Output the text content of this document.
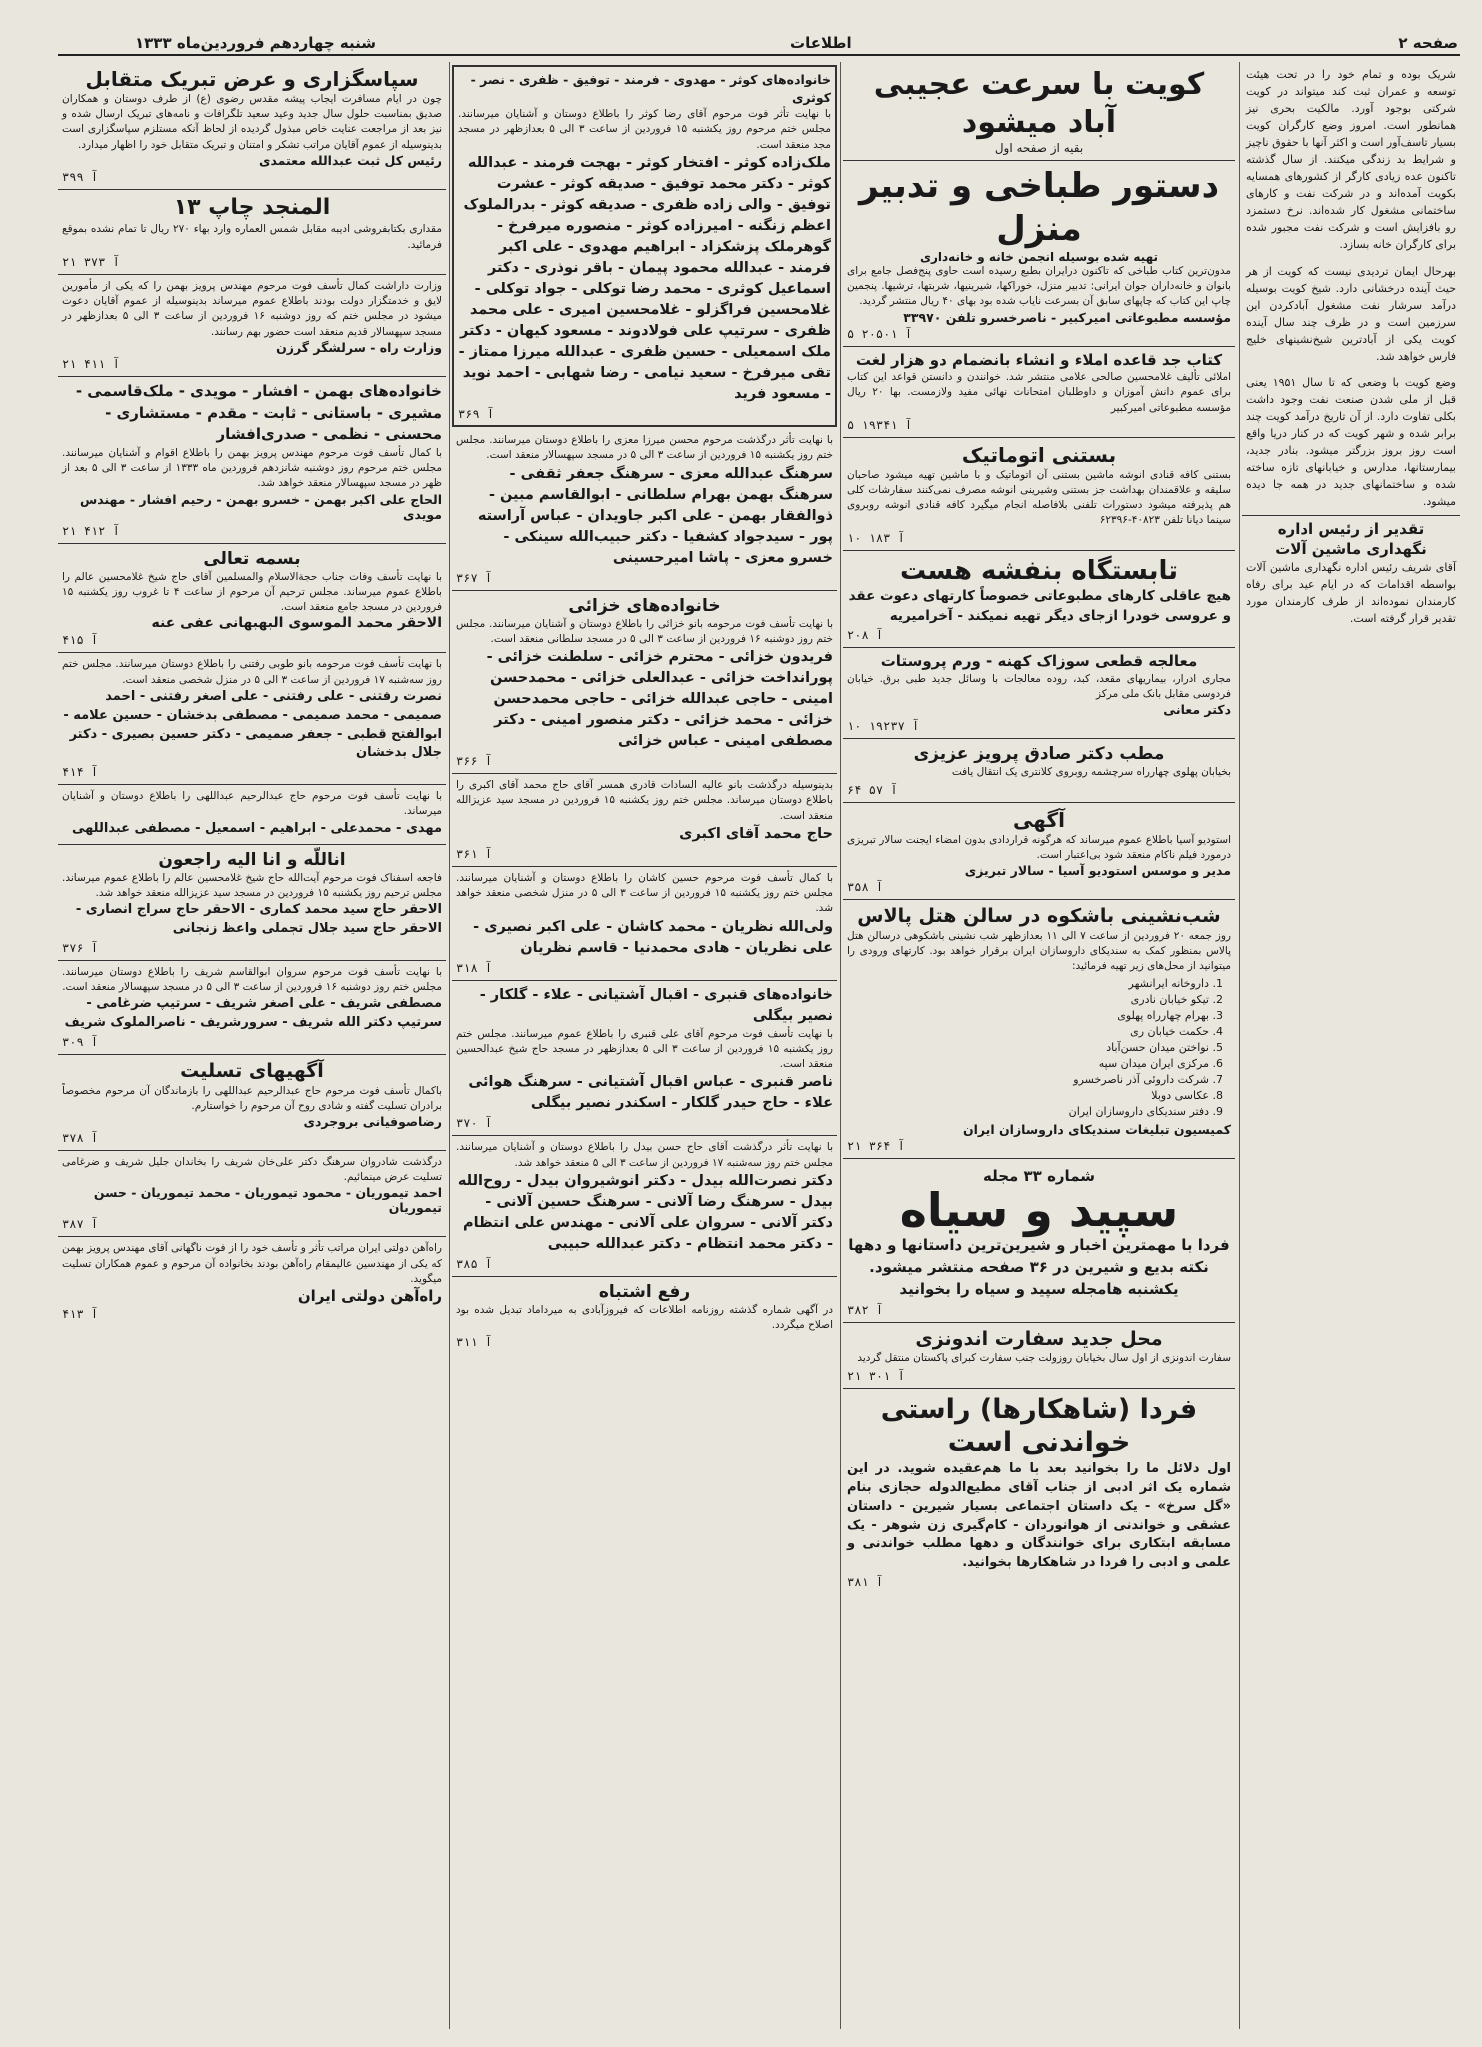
شنبه چهاردهم فروردین‌ماه ۱۳۳۳	اطلاعات	صفحه ۲
سپاسگزاری و عرض تبریک متقابل
چون در ایام مسافرت ایجاب پیشه مقدس رضوی (ع) از طرف دوستان و همکاران صدیق بمناسبت حلول سال جدید وعید سعید تلگرافات و نامه‌های تبریک ارسال شده و نیز بعد از مراجعت عنایت خاص مبذول گردیده از لحاظ آنکه مستلزم سپاسگزاری است بدینوسیله از عموم آقایان مراتب تشکر و امتنان و تبریک متقابل خود را اظهار میدارد.
رئیس کل ثبت عبدالله معتمدی
آ ۳۹۹
المنجد چاپ ۱۳
مقداری بکتابفروشی ادیبه مقابل شمس العماره وارد بهاء ۲۷۰ ریال تا تمام نشده بموقع فرمائید.
آ ۳۷۳ ۲۱
وزارت داراشت کمال تأسف فوت مرحوم مهندس پرویز بهمن را که یکی از مأمورین لایق و خدمتگزار دولت بودند باطلاع عموم میرساند بدینوسیله از عموم آقایان دعوت میشود در مجلس ختم که روز دوشنبه ۱۶ فروردین از ساعت ۳ الی ۵ بعدازظهر در مسجد سپهسالار قدیم منعقد است حضور بهم رسانند.
وزارت راه - سرلشگر گرزن
آ ۴۱۱ ۲۱
خانواده‌های بهمن - افشار - مویدی - ملک‌قاسمی - مشیری - باستانی - ثابت - مقدم - مستشاری - محسنی - نظمی - صدری‌افشار
با کمال تأسف فوت مرحوم مهندس پرویز بهمن را باطلاع اقوام و آشنایان میرسانند. مجلس ختم مرحوم روز دوشنبه شانزدهم فروردین ماه ۱۳۳۳ از ساعت ۳ الی ۵ بعد از ظهر در مسجد سپهسالار منعقد خواهد شد.
الحاج علی اکبر بهمن - خسرو بهمن - رحیم افشار - مهندس مویدی
آ ۴۱۲ ۲۱
بسمه تعالی
با نهایت تأسف وفات جناب حجة‌الاسلام والمسلمین آقای حاج شیخ غلامحسین عالم را باطلاع عموم میرساند. مجلس ترحیم آن مرحوم از ساعت ۴ تا غروب روز یکشنبه ۱۵ فروردین در مسجد جامع منعقد است.
الاحقر محمد الموسوی البهبهانی عفی عنه
آ ۴۱۵
با نهایت تأسف فوت مرحومه بانو طوبی رفتنی را باطلاع دوستان میرسانند. مجلس ختم روز سه‌شنبه ۱۷ فروردین از ساعت ۳ الی ۵ در منزل شخصی منعقد است.
نصرت رفتنی - علی رفتنی - علی اصغر رفتنی - احمد صمیمی - محمد صمیمی - مصطفی بدخشان - حسین علامه - ابوالفتح قطبی - جعفر صمیمی - دکتر حسین بصیری - دکتر جلال بدخشان
آ ۴۱۴
با نهایت تأسف فوت مرحوم حاج عبدالرحیم عبداللهی را باطلاع دوستان و آشنایان میرساند.
مهدی - محمدعلی - ابراهیم - اسمعیل - مصطفی عبداللهی
اناللّه و انا الیه راجعون
فاجعه اسفناک فوت مرحوم آیت‌الله حاج شیخ غلامحسین عالم را باطلاع عموم میرساند. مجلس ترحیم روز یکشنبه ۱۵ فروردین در مسجد سید عزیزالله منعقد خواهد شد.
الاحقر حاج سید محمد کماری - الاحقر حاج سراج انصاری - الاحقر حاج سید جلال تجملی واعظ زنجانی
آ ۳۷۶
با نهایت تأسف فوت مرحوم سروان ابوالقاسم شریف را باطلاع دوستان میرسانند. مجلس ختم روز دوشنبه ۱۶ فروردین از ساعت ۳ الی ۵ در مسجد سپهسالار منعقد است.
مصطفی شریف - علی اصغر شریف - سرتیپ ضرغامی - سرتیپ دکتر الله شریف - سرورشریف - ناصرالملوک شریف
آ ۳۰۹
آگهیهای تسلیت
باکمال تأسف فوت مرحوم حاج عبدالرحیم عبداللهی را بازماندگان آن مرحوم مخصوصاً برادران تسلیت گفته و شادی روح آن مرحوم را خواستارم.
رضاصوفیانی بروجردی
آ ۳۷۸
درگذشت شادروان سرهنگ دکتر علی‌خان شریف را بخاندان جلیل شریف و ضرغامی تسلیت عرض مینمائیم.
احمد تیموریان - محمود تیموریان - محمد تیموریان - حسن تیموریان
آ ۳۸۷
راه‌آهن دولتی ایران مراتب تأثر و تأسف خود را از فوت ناگهانی آقای مهندس پرویز بهمن که یکی از مهندسین عالیمقام راه‌آهن بودند بخانواده آن مرحوم و عموم همکاران تسلیت میگوید.
راه‌آهن دولتی ایران
آ ۴۱۳
خانواده‌های کوثر - مهدوی - فرمند - توفیق - ظفری - نصر - کوثری
با نهایت تأثر فوت مرحوم آقای رضا کوثر را باطلاع دوستان و آشنایان میرسانند. مجلس ختم مرحوم روز یکشنبه ۱۵ فروردین از ساعت ۳ الی ۵ بعدازظهر در مسجد مجد منعقد است.
ملک‌زاده کوثر - افتخار کوثر - بهجت فرمند - عبدالله کوثر - دکتر محمد توفیق - صدیقه کوثر - عشرت توفیق - والی زاده ظفری - صدیقه کوثر - بدرالملوک اعظم زنگنه - امیرزاده کوثر - منصوره میرفرخ - گوهرملک پزشکزاد - ابراهیم مهدوی - علی اکبر فرمند - عبدالله محمود پیمان - باقر نوذری - دکتر اسماعیل کوثری - محمد رضا توکلی - جواد توکلی - غلامحسین فراگزلو - غلامحسین امیری - علی محمد ظفری - سرتیپ علی فولادوند - مسعود کیهان - دکتر ملک اسمعیلی - حسین ظفری - عبدالله میرزا ممتاز - تقی میرفرخ - سعید نیامی - رضا شهابی - احمد نوید - مسعود فرید
آ ۳۶۹
با نهایت تأثر درگذشت مرحوم محسن میرزا معزی را باطلاع دوستان میرسانند. مجلس ختم روز یکشنبه ۱۵ فروردین از ساعت ۳ الی ۵ در مسجد سپهسالار منعقد است.
سرهنگ عبدالله معزی - سرهنگ جعفر ثقفی - سرهنگ بهمن بهرام سلطانی - ابوالقاسم مبین - ذوالفقار بهمن - علی اکبر جاویدان - عباس آراسته پور - سیدجواد کشفیا - دکتر حبیب‌الله سینکی - خسرو معزی - پاشا امیرحسینی
آ ۳۶۷
خانواده‌های خزائی
با نهایت تأسف فوت مرحومه بانو خزائی را باطلاع دوستان و آشنایان میرسانند. مجلس ختم روز دوشنبه ۱۶ فروردین از ساعت ۳ الی ۵ در مسجد سلطانی منعقد است.
فریدون خزائی - محترم خزائی - سلطنت خزائی - پورانداخت خزائی - عبدالعلی خزائی - محمدحسن امینی - حاجی عبدالله خزائی - حاجی محمدحسن خزائی - محمد خزائی - دکتر منصور امینی - دکتر مصطفی امینی - عباس خزائی
آ ۳۶۶
بدینوسیله درگذشت بانو عالیه السادات قادری همسر آقای حاج محمد آقای اکبری را باطلاع دوستان میرساند. مجلس ختم روز یکشنبه ۱۵ فروردین در مسجد سید عزیزالله منعقد است.
حاج محمد آقای اکبری
آ ۳۶۱
با کمال تأسف فوت مرحوم حسین کاشان را باطلاع دوستان و آشنایان میرسانند. مجلس ختم روز یکشنبه ۱۵ فروردین از ساعت ۳ الی ۵ در منزل شخصی منعقد خواهد شد.
ولی‌الله نظریان - محمد کاشان - علی اکبر نصیری - علی نظریان - هادی محمدنیا - قاسم نظریان
آ ۳۱۸
خانواده‌های قنبری - اقبال آشتیانی - علاء - گلکار - نصیر بیگلی
با نهایت تأسف فوت مرحوم آقای علی قنبری را باطلاع عموم میرسانند. مجلس ختم روز یکشنبه ۱۵ فروردین از ساعت ۳ الی ۵ بعدازظهر در مسجد حاج شیخ عبدالحسین منعقد است.
ناصر قنبری - عباس اقبال آشتیانی - سرهنگ هوائی علاء - حاج حیدر گلکار - اسکندر نصیر بیگلی
آ ۳۷۰
با نهایت تأثر درگذشت آقای حاج حسن بیدل را باطلاع دوستان و آشنایان میرسانند. مجلس ختم روز سه‌شنبه ۱۷ فروردین از ساعت ۳ الی ۵ منعقد خواهد شد.
دکتر نصرت‌الله بیدل - دکتر انوشیروان بیدل - روح‌الله بیدل - سرهنگ رضا آلانی - سرهنگ حسین آلانی - دکتر آلانی - سروان علی آلانی - مهندس علی انتظام - دکتر محمد انتظام - دکتر عبدالله حبیبی
آ ۳۸۵
رفع اشتباه
در آگهی شماره گذشته روزنامه اطلاعات که فیروزآبادی به میرداماد تبدیل شده بود اصلاح میگردد.
آ ۳۱۱
کویت با سرعت عجیبی آباد میشود
بقیه از صفحه اول
دستور طباخی و تدبیر منزل
تهیه شده بوسیله انجمن خانه و خانه‌داری
مدون‌ترین کتاب طباخی که تاکنون درایران بطبع رسیده است حاوی پنج‌فصل جامع برای بانوان و خانه‌داران جوان ایرانی: تدبیر منزل، خوراکها، شیرینیها، شربتها، ترشیها. پنجمین چاپ این کتاب که چاپهای سابق آن بسرعت نایاب شده بود بهای ۴۰ ریال منتشر گردید.
مؤسسه مطبوعاتی امیرکبیر - ناصرخسرو تلفن ۳۳۹۷۰
آ ۲۰۵۰۱ ۵
کتاب جد قاعده املاء و انشاء بانضمام دو هزار لغت
املائی تألیف غلامحسین صالحی علامی منتشر شد. خوانندن و دانستن قواعد این کتاب برای عموم دانش آموزان و داوطلبان امتحانات نهائی مفید ولازمست. بها ۲۰ ریال مؤسسه مطبوعاتی امیرکبیر
آ ۱۹۳۴۱ ۵
بستنی اتوماتیک
بستنی کافه قنادی انوشه ماشین بستنی آن اتوماتیک و با ماشین تهیه میشود صاحبان سلیقه و علاقمندان بهداشت جز بستنی وشیرینی انوشه مصرف نمی‌کنند سفارشات کلی هم پذیرفته میشود دستورات تلفنی بلافاصله انجام میگیرد کافه قنادی انوشه روبروی سینما دیانا تلفن ۴۰۸۲۳-۶۲۳۹۶
آ ۱۸۳ ۱۰
تابستگاه بنفشه هست
هیچ عاقلی کارهای مطبوعاتی خصوصاً کارتهای دعوت عقد و عروسی خودرا ازجای دیگر تهیه نمیکند - آخرامیریه
آ ۲۰۸
معالجه قطعی سوزاک کهنه - ورم پروستات
مجاری ادرار، بیماریهای مقعد، کبد، روده معالجات با وسائل جدید طبی برق. خیابان فردوسی مقابل بانک ملی مرکز
دکتر معانی
آ ۱۹۲۳۷ ۱۰
مطب دکتر صادق پرویز عزیزی
بخیابان پهلوی چهارراه سرچشمه روبروی کلانتری یک انتقال یافت
آ ۵۷ ۶۴
آگهی
استودیو آسیا باطلاع عموم میرساند که هرگونه قراردادی بدون امضاء ایجنت سالار تبریزی درمورد فیلم ناکام منعقد شود بی‌اعتبار است.
مدیر و موسس استودیو آسیا - سالار تبریزی
آ ۳۵۸
شب‌نشینی باشکوه در سالن هتل پالاس
روز جمعه ۲۰ فروردین از ساعت ۷ الی ۱۱ بعدازظهر شب نشینی باشکوهی درسالن هتل پالاس بمنظور کمک به سندیکای داروسازان ایران برقرار خواهد بود. کارتهای ورودی را میتوانید از محل‌های زیر تهیه فرمائید:
1. داروخانه ایرانشهر
2. تیکو خیابان نادری
3. بهرام چهارراه پهلوی
4. حکمت خیابان ری
5. نواختن میدان حسن‌آباد
6. مرکزی ایران میدان سپه
7. شرکت داروئی آذر ناصرخسرو
8. عکاسی دوبلا
9. دفتر سندیکای داروسازان ایران
کمیسیون تبلیغات سندیکای داروسازان ایران
آ ۳۶۴ ۲۱
شماره ۳۳ مجله
سپید و سیاه
فردا با مهمترین اخبار و شیرین‌ترین داستانها و دهها نکته بدیع و شیرین در ۳۶ صفحه منتشر میشود. یکشنبه هامجله سپید و سیاه را بخوانید
آ ۳۸۲
محل جدید سفارت اندونزی
سفارت اندونزی از اول سال بخیابان روزولت جنب سفارت کبرای پاکستان منتقل گردید
آ ۳۰۱ ۲۱
فردا (شاهکارها) راستی خواندنی است
اول دلائل ما را بخوانید بعد با ما هم‌عقیده شوید. در این شماره یک اثر ادبی از جناب آقای مطیع‌الدوله حجازی بنام «گل سرخ» - یک داستان اجتماعی بسیار شیرین - داستان عشقی و خواندنی از هوانوردان - کام‌گیری زن شوهر - یک مسابقه ابتکاری برای خوانندگان و دهها مطلب خواندنی و علمی و ادبی را فردا در شاهکارها بخوانید.
آ ۳۸۱
شریک بوده و تمام خود را در تحت هیئت توسعه و عمران ثبت کند میتواند در کویت شرکتی بوجود آورد. مالکیت بحری نیز همانطور است. امروز وضع کارگران کویت بسیار تاسف‌آور است و اکثر آنها با حقوق ناچیز و شرایط بد زندگی میکنند. از سال گذشته تاکنون عده زیادی کارگر از کشورهای همسایه بکویت آمده‌اند و در شرکت نفت و کارهای ساختمانی مشغول کار شده‌اند. نرخ دستمزد رو بافزایش است و شرکت نفت مجبور شده برای کارگران خانه بسازد.
بهرحال ایمان تردیدی نیست که کویت از هر حیث آینده درخشانی دارد. شیخ کویت بوسیله درآمد سرشار نفت مشغول آبادکردن این سرزمین است و در ظرف چند سال آینده کویت یکی از آبادترین شیخ‌نشینهای خلیج فارس خواهد شد.
وضع کویت با وضعی که تا سال ۱۹۵۱ یعنی قبل از ملی شدن صنعت نفت وجود داشت بکلی تفاوت دارد. از آن تاریخ درآمد کویت چند برابر شده و شهر کویت که در کنار دریا واقع است روز بروز بزرگتر میشود. بنادر جدید، بیمارستانها، مدارس و خیابانهای تازه ساخته شده و ساختمانهای جدید در همه جا دیده میشود.
تقدیر از رئیس اداره نگهداری ماشین آلات
آقای شریف رئیس اداره نگهداری ماشین آلات بواسطه اقدامات که در ایام عید برای رفاه کارمندان نموده‌اند از طرف کارمندان مورد تقدیر قرار گرفته است.
